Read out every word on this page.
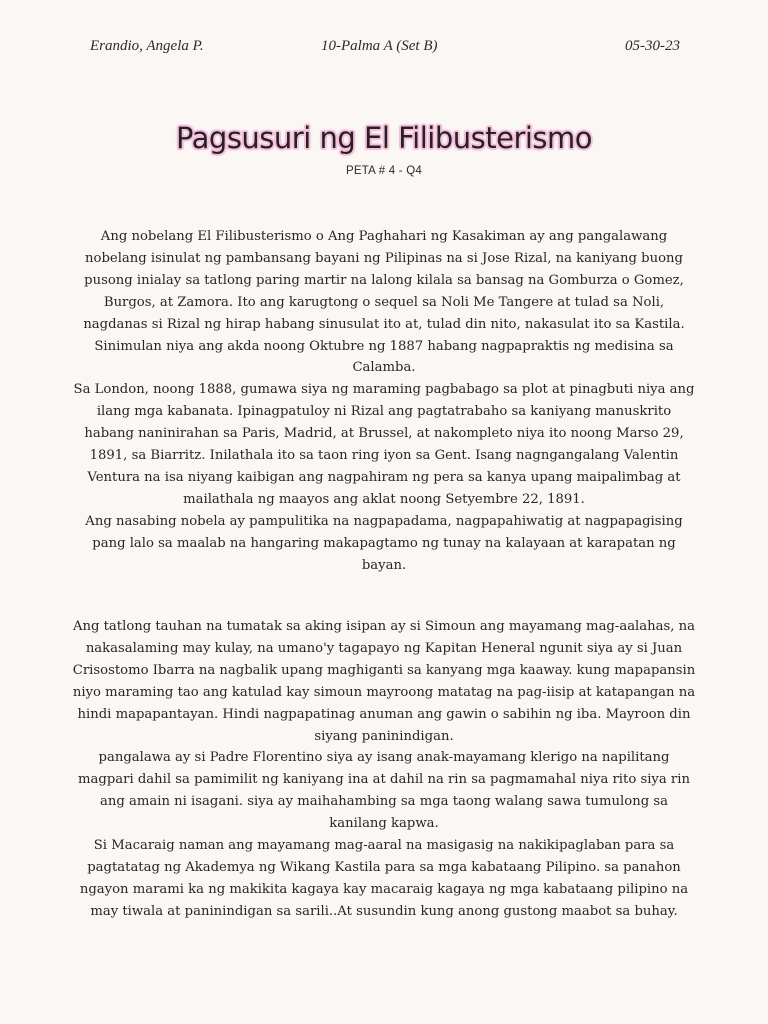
Erandio, Angela P.	10-Palma A (Set B)	05-30-23
Pagsusuri ng El Filibusterismo
PETA # 4 - Q4

Ang nobelang El Filibusterismo o Ang Paghahari ng Kasakiman ay ang pangalawang nobelang isinulat ng pambansang bayani ng Pilipinas na si Jose Rizal, na kaniyang buong pusong inialay sa tatlong paring martir na lalong kilala sa bansag na Gomburza o Gomez, Burgos, at Zamora. Ito ang karugtong o sequel sa Noli Me Tangere at tulad sa Noli, nagdanas si Rizal ng hirap habang sinusulat ito at, tulad din nito, nakasulat ito sa Kastila. Sinimulan niya ang akda noong Oktubre ng 1887 habang nagpapraktis ng medisina sa Calamba.

Sa London, noong 1888, gumawa siya ng maraming pagbabago sa plot at pinagbuti niya ang ilang mga kabanata. Ipinagpatuloy ni Rizal ang pagtatrabaho sa kaniyang manuskrito habang naninirahan sa Paris, Madrid, at Brussel, at nakompleto niya ito noong Marso 29, 1891, sa Biarritz. Inilathala ito sa taon ring iyon sa Gent. Isang nagngangalang Valentin Ventura na isa niyang kaibigan ang nagpahiram ng pera sa kanya upang maipalimbag at mailathala ng maayos ang aklat noong Setyembre 22, 1891.

Ang nasabing nobela ay pampulitika na nagpapadama, nagpapahiwatig at nagpapagising pang lalo sa maalab na hangaring makapagtamo ng tunay na kalayaan at karapatan ng bayan.

Ang tatlong tauhan na tumatak sa aking isipan ay si Simoun ang mayamang mag-aalahas, na nakasalaming may kulay, na umano'y tagapayo ng Kapitan Heneral ngunit siya ay si Juan Crisostomo Ibarra na nagbalik upang maghiganti sa kanyang mga kaaway. kung mapapansin niyo maraming tao ang katulad kay simoun mayroong matatag na pag-iisip at katapangan na hindi mapapantayan. Hindi nagpapatinag anuman ang gawin o sabihin ng iba. Mayroon din siyang paninindigan.

pangalawa ay si Padre Florentino siya ay isang anak-mayamang klerigo na napilitang magpari dahil sa pamimilit ng kaniyang ina at dahil na rin sa pagmamahal niya rito siya rin ang amain ni isagani. siya ay maihahambing sa mga taong walang sawa tumulong sa kanilang kapwa.

Si Macaraig naman ang mayamang mag-aaral na masigasig na nakikipaglaban para sa pagtatatag ng Akademya ng Wikang Kastila para sa mga kabataang Pilipino. sa panahon ngayon marami ka ng makikita kagaya kay macaraig kagaya ng mga kabataang pilipino na may tiwala at paninindigan sa sarili..At susundin kung anong gustong maabot sa buhay.
